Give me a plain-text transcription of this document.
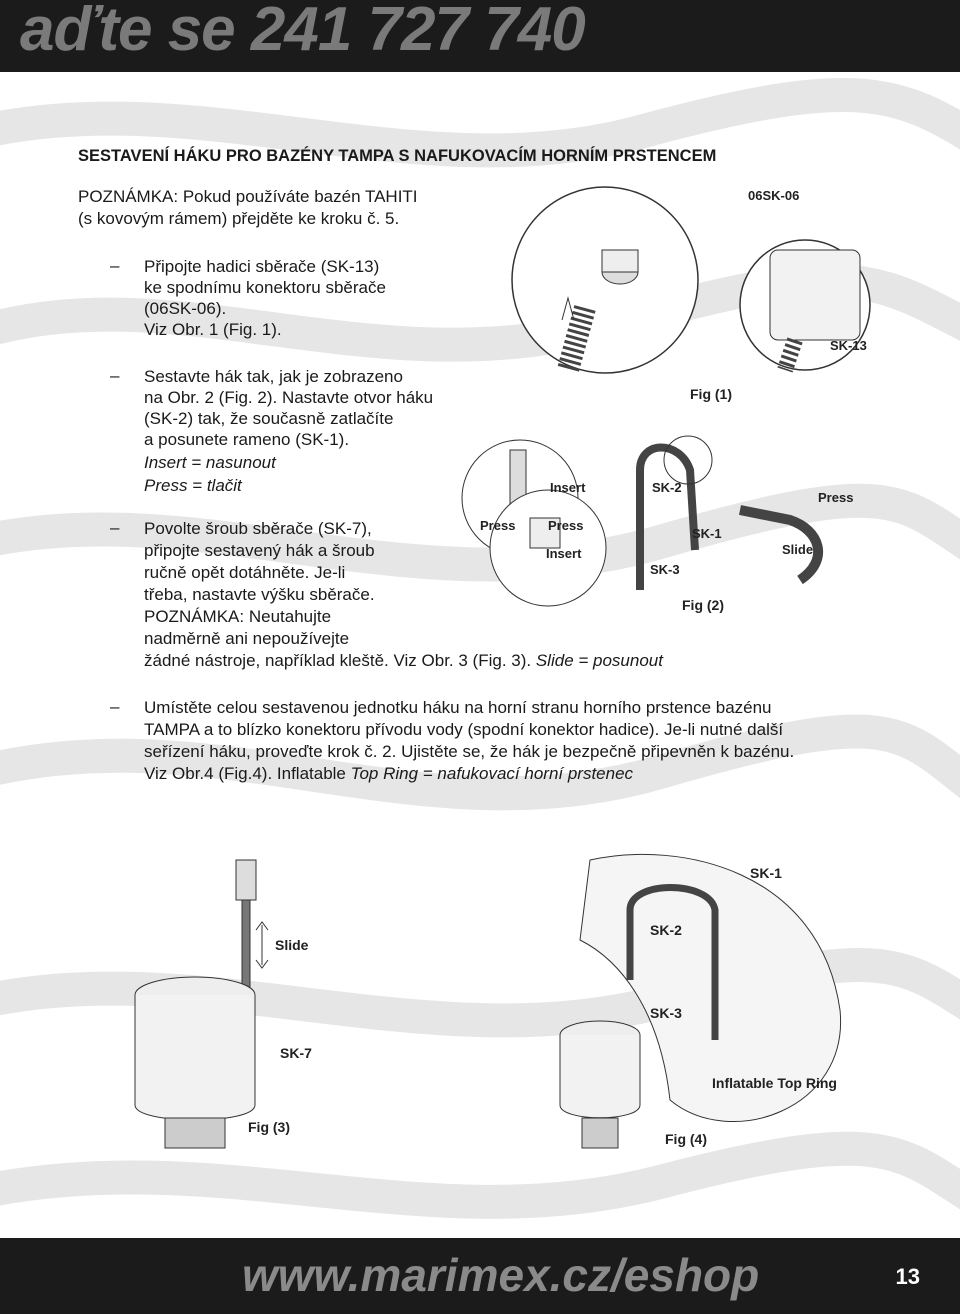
aďte se 241 727 740
SESTAVENÍ HÁKU PRO BAZÉNY TAMPA S NAFUKOVACÍM HORNÍM PRSTENCEM
POZNÁMKA: Pokud používáte bazén TAHITI
(s kovovým rámem) přejděte ke kroku č. 5.
– Připojte hadici sběrače (SK-13)
ke spodnímu konektoru sběrače
(06SK-06).
Viz Obr. 1 (Fig. 1).
– Sestavte hák tak, jak je zobrazeno
na Obr. 2 (Fig. 2). Nastavte otvor háku
(SK-2) tak, že současně zatlačíte
a posunete rameno (SK-1).
Insert = nasunout
Press = tlačit
– Povolte šroub sběrače (SK-7),
připojte sestavený hák a šroub
ručně opět dotáhněte. Je-li
třeba, nastavte výšku sběrače.
POZNÁMKA: Neutahujte
nadměrně ani nepoužívejte
žádné nástroje, například kleště. Viz Obr. 3 (Fig. 3). Slide = posunout
– Umístěte celou sestavenou jednotku háku na horní stranu horního prstence bazénu
TAMPA a to blízko konektoru přívodu vody (spodní konektor hadice). Je-li nutné další
seřízení háku, proveďte krok č. 2. Ujistěte se, že hák je bezpečně připevněn k bazénu.
Viz Obr.4 (Fig.4). Inflatable Top Ring = nafukovací horní prstenec
06SK-06
SK-13
Fig (1)
Insert	SK-2
Press
Press	Press
Insert
SK-1
Slide
SK-3
Fig (2)
Slide
SK-7
Fig (3)
SK-1
SK-2
SK-3
Inflatable Top Ring
Fig (4)
www.marimex.cz/eshop	13
